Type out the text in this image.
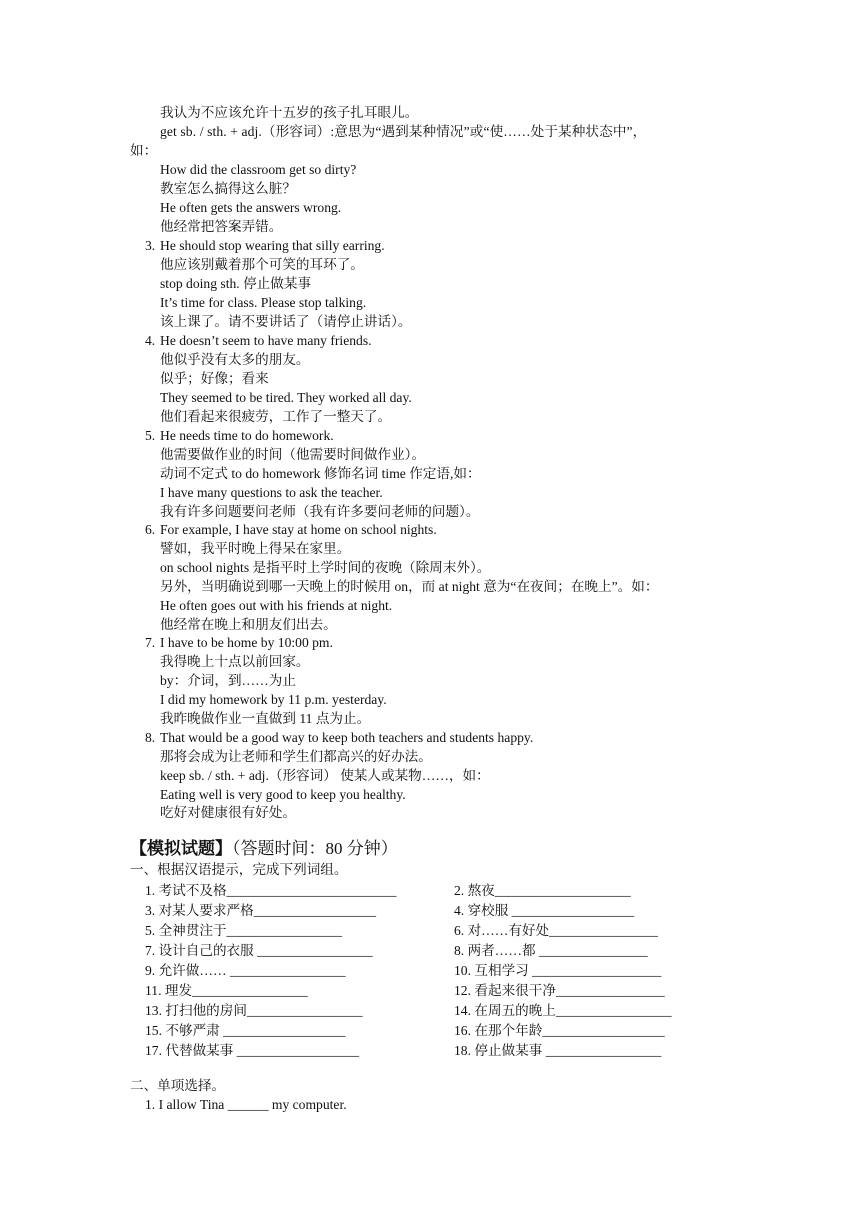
我认为不应该允许十五岁的孩子扎耳眼儿。
get sb. / sth. + adj.（形容词）:意思为“遇到某种情况”或“使……处于某种状态中”，
如：
How did the classroom get so dirty?
教室怎么搞得这么脏？
He often gets the answers wrong.
他经常把答案弄错。
3. He should stop wearing that silly earring.
他应该别戴着那个可笑的耳环了。
stop doing sth. 停止做某事
It’s time for class. Please stop talking.
该上课了。请不要讲话了（请停止讲话）。
4. He doesn’t seem to have many friends.
他似乎没有太多的朋友。
似乎；好像；看来
They seemed to be tired. They worked all day.
他们看起来很疲劳，工作了一整天了。
5. He needs time to do homework.
他需要做作业的时间（他需要时间做作业）。
动词不定式 to do homework 修饰名词 time 作定语,如：
I have many questions to ask the teacher.
我有许多问题要问老师（我有许多要问老师的问题）。
6. For example, I have stay at home on school nights.
譬如，我平时晚上得呆在家里。
on school nights 是指平时上学时间的夜晚（除周末外）。
另外，当明确说到哪一天晚上的时候用 on，而 at night 意为“在夜间；在晚上”。如：
He often goes out with his friends at night.
他经常在晚上和朋友们出去。
7. I have to be home by 10:00 pm.
我得晚上十点以前回家。
by：介词，到……为止
I did my homework by 11 p.m. yesterday.
我昨晚做作业一直做到 11 点为止。
8. That would be a good way to keep both teachers and students happy.
那将会成为让老师和学生们都高兴的好办法。
keep sb. / sth. + adj.（形容词） 使某人或某物……，如：
Eating well is very good to keep you healthy.
吃好对健康很有好处。
【模拟试题】（答题时间：80 分钟）
一、根据汉语提示，完成下列词组。
1. 考试不及格_________________________	2. 熬夜____________________
3. 对某人要求严格__________________	4. 穿校服 __________________
5. 全神贯注于_________________	6. 对……有好处________________
7. 设计自己的衣服 _________________	8. 两者……都 ________________
9. 允许做…… _________________	10. 互相学习 ___________________
11. 理发_________________	12. 看起来很干净________________
13. 打扫他的房间_________________	14. 在周五的晚上_________________
15. 不够严肃 __________________	16. 在那个年龄__________________
17. 代替做某事 __________________	18. 停止做某事 _________________
二、单项选择。
1. I allow Tina ______ my computer.
